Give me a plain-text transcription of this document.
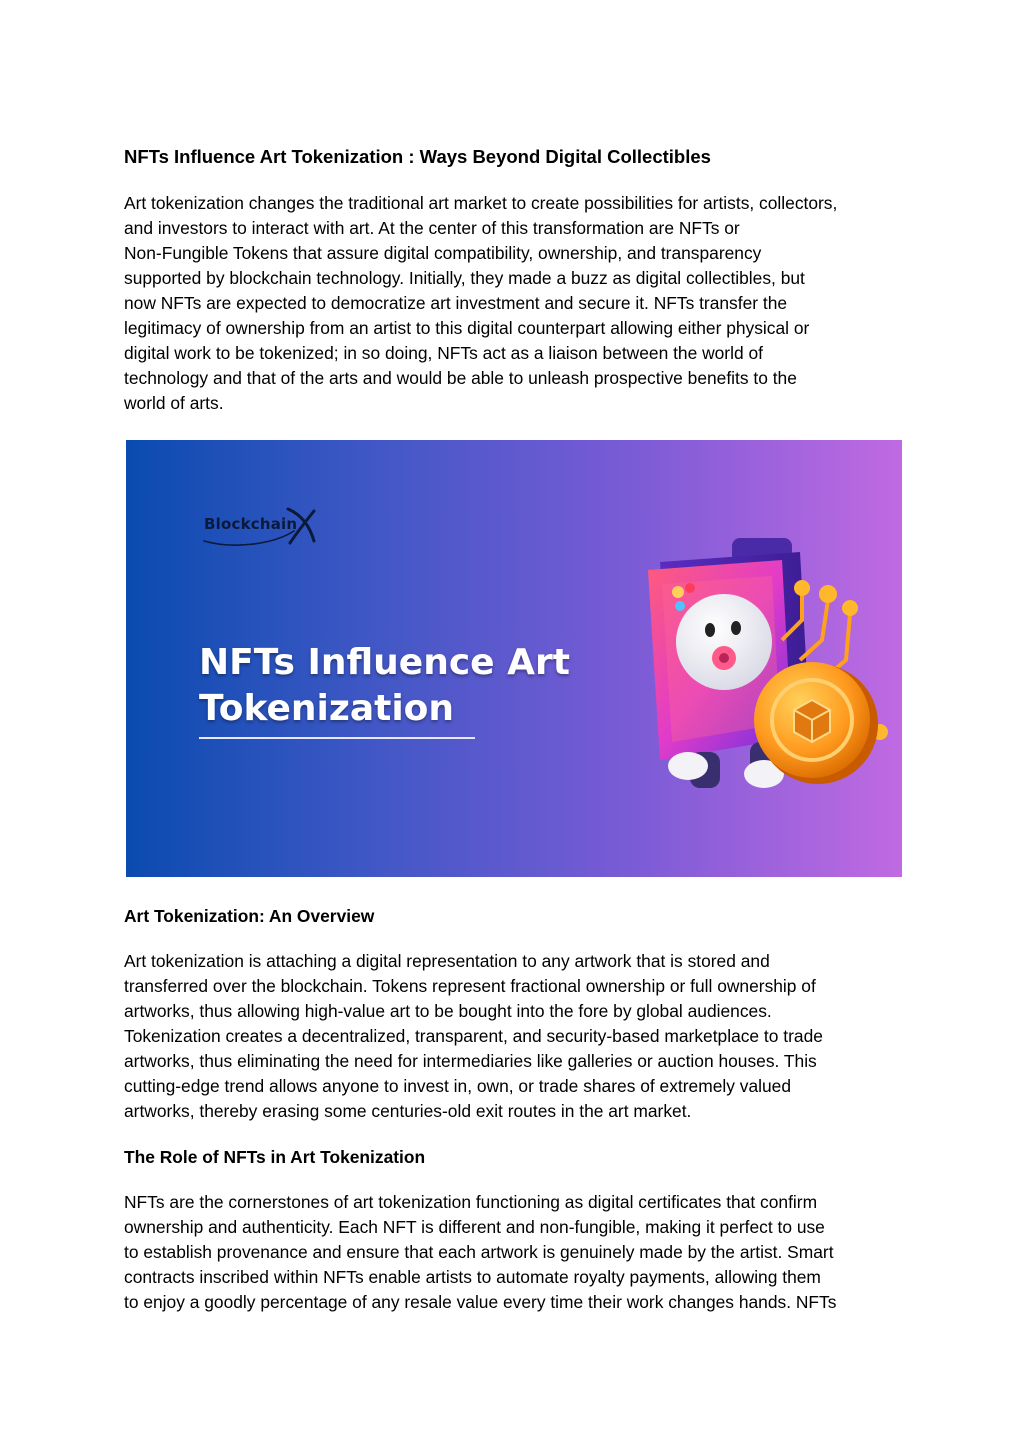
NFTs Influence Art Tokenization : Ways Beyond Digital Collectibles

Art tokenization changes the traditional art market to create possibilities for artists, collectors,
and investors to interact with art. At the center of this transformation are NFTs or
Non-Fungible Tokens that assure digital compatibility, ownership, and transparency
supported by blockchain technology. Initially, they made a buzz as digital collectibles, but
now NFTs are expected to democratize art investment and secure it. NFTs transfer the
legitimacy of ownership from an artist to this digital counterpart allowing either physical or
digital work to be tokenized; in so doing, NFTs act as a liaison between the world of
technology and that of the arts and would be able to unleash prospective benefits to the
world of arts.

Art Tokenization: An Overview

Art tokenization is attaching a digital representation to any artwork that is stored and
transferred over the blockchain. Tokens represent fractional ownership or full ownership of
artworks, thus allowing high-value art to be bought into the fore by global audiences.
Tokenization creates a decentralized, transparent, and security-based marketplace to trade
artworks, thus eliminating the need for intermediaries like galleries or auction houses. This
cutting-edge trend allows anyone to invest in, own, or trade shares of extremely valued
artworks, thereby erasing some centuries-old exit routes in the art market.

The Role of NFTs in Art Tokenization

NFTs are the cornerstones of art tokenization functioning as digital certificates that confirm
ownership and authenticity. Each NFT is different and non-fungible, making it perfect to use
to establish provenance and ensure that each artwork is genuinely made by the artist. Smart
contracts inscribed within NFTs enable artists to automate royalty payments, allowing them
to enjoy a goodly percentage of any resale value every time their work changes hands. NFTs

Blockchain
NFTs Influence Art
Tokenization
